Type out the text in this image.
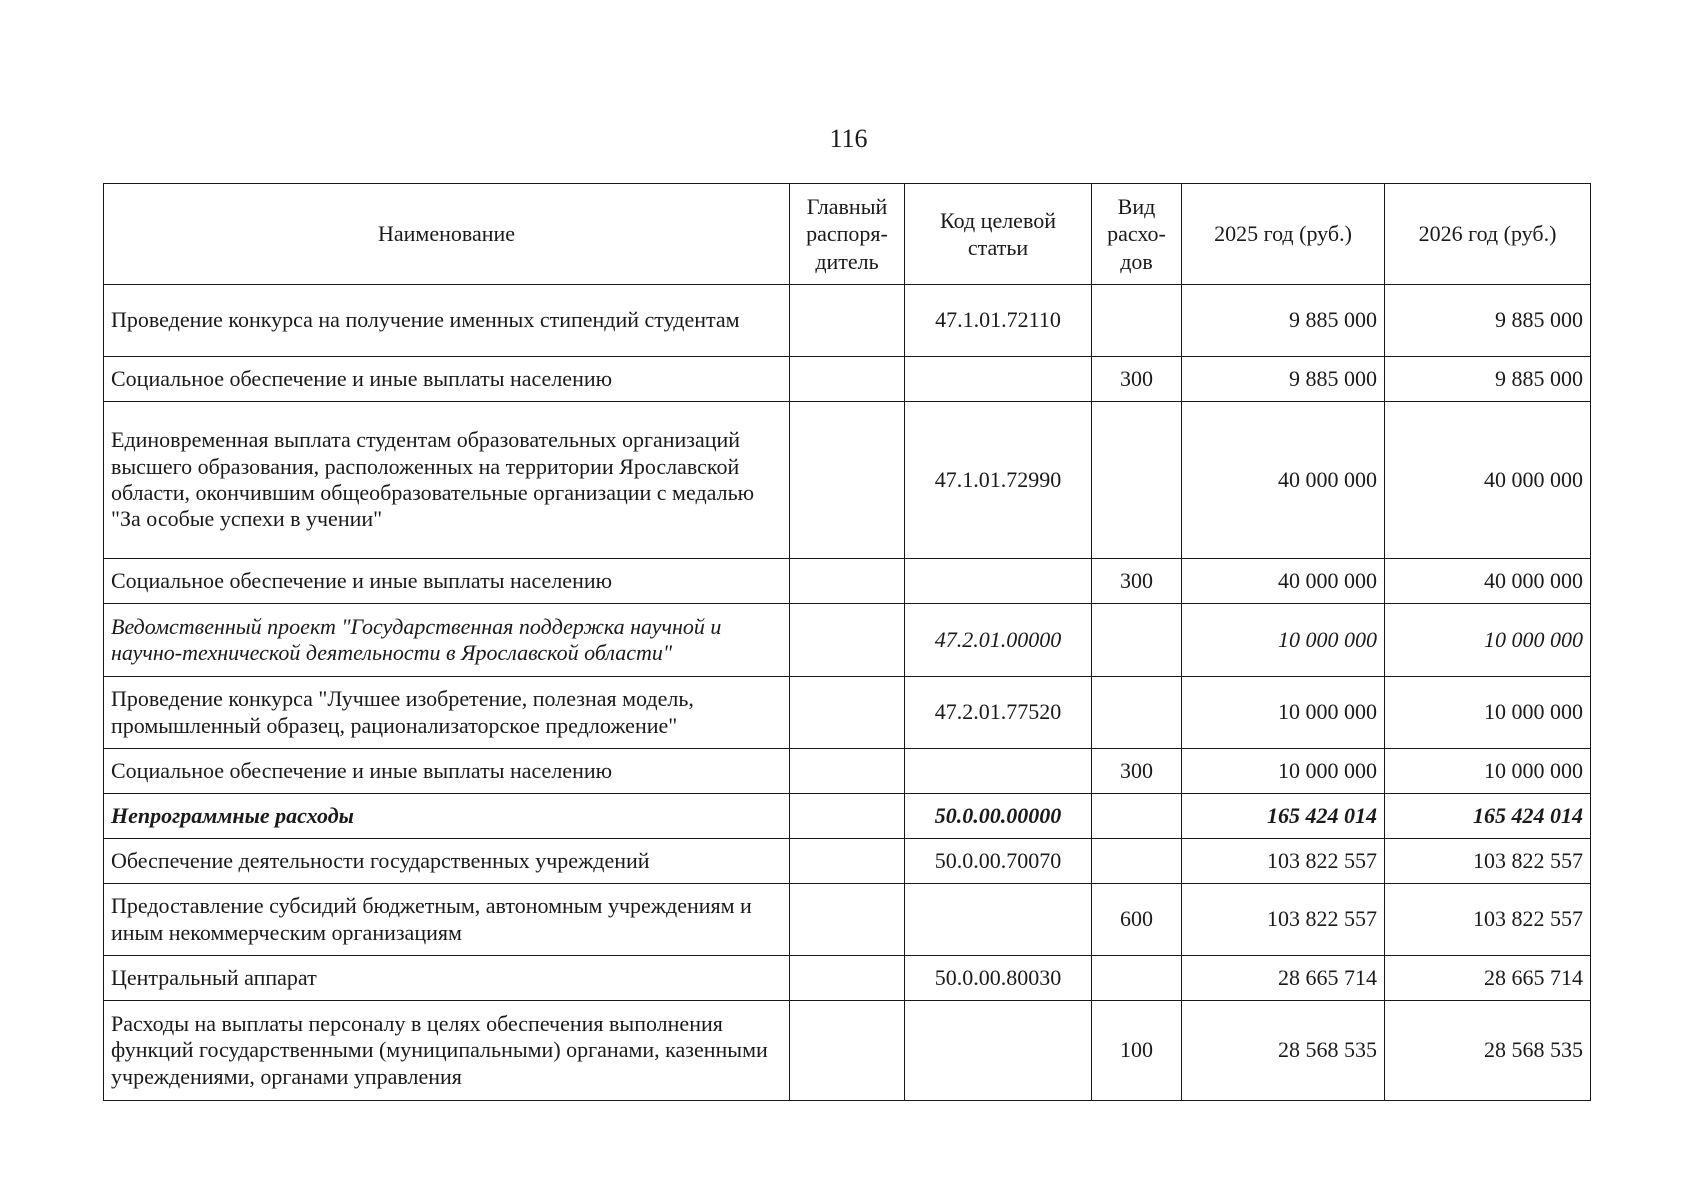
116
Наименование	Главный распоря- дитель	Код целевой статьи	Вид расхо- дов	2025 год (руб.)	2026 год (руб.)
Проведение конкурса на получение именных стипендий студентам		47.1.01.72110		9 885 000	9 885 000
Социальное обеспечение и иные выплаты населению			300	9 885 000	9 885 000
Единовременная выплата студентам образовательных организаций высшего образования, расположенных на территории Ярославской области, окончившим общеобразовательные организации с медалью "За особые успехи в учении"		47.1.01.72990		40 000 000	40 000 000
Социальное обеспечение и иные выплаты населению			300	40 000 000	40 000 000
Ведомственный проект "Государственная поддержка научной и научно-технической деятельности в Ярославской области"		47.2.01.00000		10 000 000	10 000 000
Проведение конкурса "Лучшее изобретение, полезная модель, промышленный образец, рационализаторское предложение"		47.2.01.77520		10 000 000	10 000 000
Социальное обеспечение и иные выплаты населению			300	10 000 000	10 000 000
Непрограммные расходы		50.0.00.00000		165 424 014	165 424 014
Обеспечение деятельности государственных учреждений		50.0.00.70070		103 822 557	103 822 557
Предоставление субсидий бюджетным, автономным учреждениям и иным некоммерческим организациям			600	103 822 557	103 822 557
Центральный аппарат		50.0.00.80030		28 665 714	28 665 714
Расходы на выплаты персоналу в целях обеспечения выполнения функций государственными (муниципальными) органами, казенными учреждениями, органами управления			100	28 568 535	28 568 535
